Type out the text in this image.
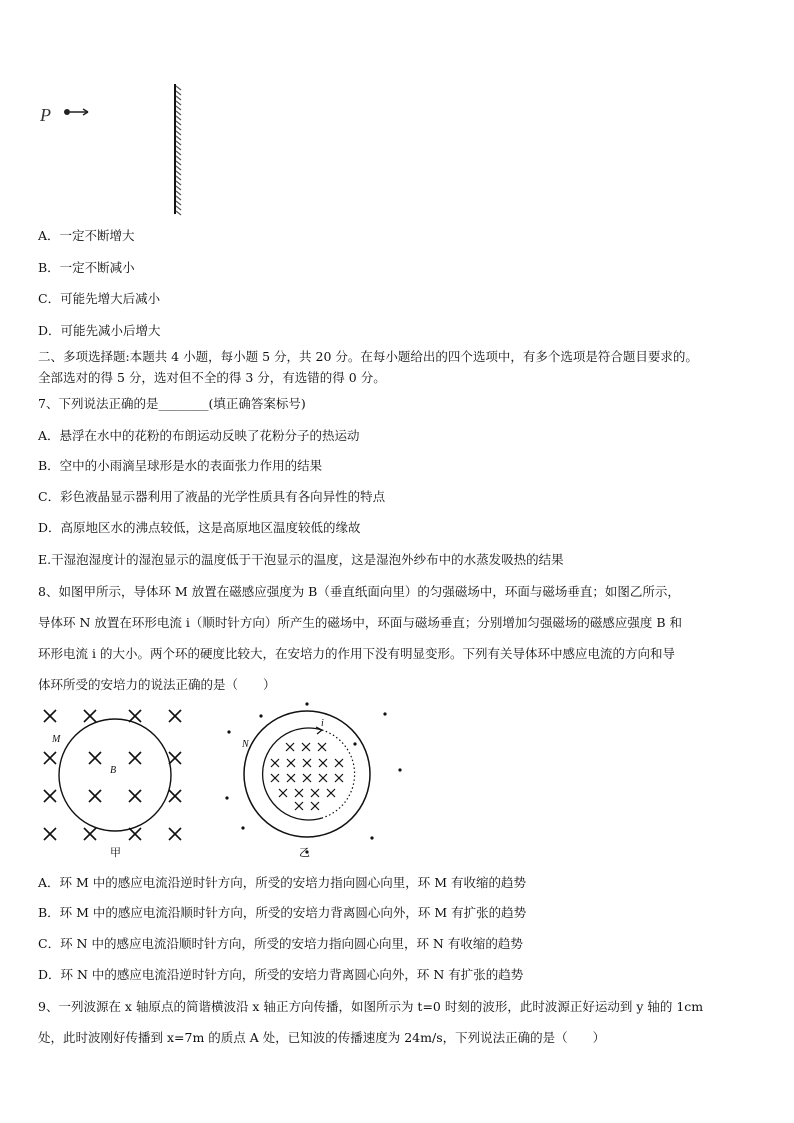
P
A．一定不断增大
B．一定不断减小
C．可能先增大后减小
D．可能先减小后增大
二、多项选择题:本题共 4 小题，每小题 5 分，共 20 分。在每小题给出的四个选项中，有多个选项是符合题目要求的。
全部选对的得 5 分，选对但不全的得 3 分，有选错的得 0 分。
7、下列说法正确的是________(填正确答案标号)
A．悬浮在水中的花粉的布朗运动反映了花粉分子的热运动
B．空中的小雨滴呈球形是水的表面张力作用的结果
C．彩色液晶显示器利用了液晶的光学性质具有各向异性的特点
D．高原地区水的沸点较低，这是高原地区温度较低的缘故
E.干湿泡湿度计的湿泡显示的温度低于干泡显示的温度，这是湿泡外纱布中的水蒸发吸热的结果
8、如图甲所示，导体环 M 放置在磁感应强度为 B（垂直纸面向里）的匀强磁场中，环面与磁场垂直；如图乙所示，
导体环 N 放置在环形电流 i（顺时针方向）所产生的磁场中，环面与磁场垂直；分别增加匀强磁场的磁感应强度 B 和
环形电流 i 的大小。两个环的硬度比较大，在安培力的作用下没有明显变形。下列有关导体环中感应电流的方向和导
体环所受的安培力的说法正确的是（　　）
M
B
甲
N
i
乙
A．环 M 中的感应电流沿逆时针方向，所受的安培力指向圆心向里，环 M 有收缩的趋势
B．环 M 中的感应电流沿顺时针方向，所受的安培力背离圆心向外，环 M 有扩张的趋势
C．环 N 中的感应电流沿顺时针方向，所受的安培力指向圆心向里，环 N 有收缩的趋势
D．环 N 中的感应电流沿逆时针方向，所受的安培力背离圆心向外，环 N 有扩张的趋势
9、一列波源在 x 轴原点的简谐横波沿 x 轴正方向传播，如图所示为 t=0 时刻的波形，此时波源正好运动到 y 轴的 1cm
处，此时波刚好传播到 x=7m 的质点 A 处，已知波的传播速度为 24m/s，下列说法正确的是（　　）
